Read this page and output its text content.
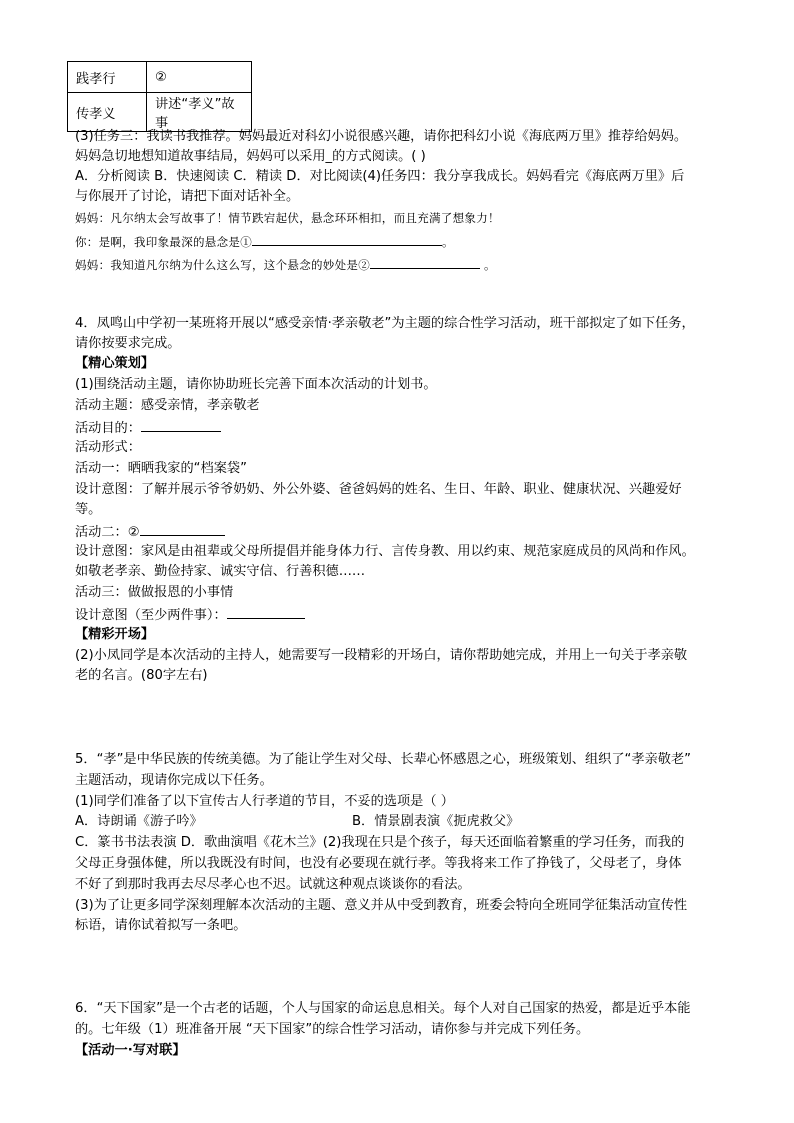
践孝行	②
传孝义	讲述“孝义”故事
(3)任务三：我读书我推荐。妈妈最近对科幻小说很感兴趣，请你把科幻小说《海底两万里》推荐给妈妈。
妈妈急切地想知道故事结局，妈妈可以采用_的方式阅读。( )
A．分析阅读 B．快速阅读 C．精读 D．对比阅读(4)任务四：我分享我成长。妈妈看完《海底两万里》后
与你展开了讨论，请把下面对话补全。
妈妈：凡尔纳太会写故事了！情节跌宕起伏，悬念环环相扣，而且充满了想象力！
你：是啊，我印象最深的悬念是①	。
妈妈：我知道凡尔纳为什么这么写，这个悬念的妙处是②	。
4．凤鸣山中学初一某班将开展以“感受亲情·孝亲敬老”为主题的综合性学习活动，班干部拟定了如下任务，
请你按要求完成。
【精心策划】
(1)围绕活动主题，请你协助班长完善下面本次活动的计划书。
活动主题：感受亲情，孝亲敬老
活动目的：
活动形式：
活动一：晒晒我家的“档案袋”
设计意图：了解并展示爷爷奶奶、外公外婆、爸爸妈妈的姓名、生日、年龄、职业、健康状况、兴趣爱好
等。
活动二：②
设计意图：家风是由祖辈或父母所提倡并能身体力行、言传身教、用以约束、规范家庭成员的风尚和作风。
如敬老孝亲、勤俭持家、诚实守信、行善积德……
活动三：做做报恩的小事情
设计意图（至少两件事）：
【精彩开场】
(2)小凤同学是本次活动的主持人，她需要写一段精彩的开场白，请你帮助她完成，并用上一句关于孝亲敬
老的名言。(80字左右)
5．“孝”是中华民族的传统美德。为了能让学生对父母、长辈心怀感恩之心，班级策划、组织了“孝亲敬老”
主题活动，现请你完成以下任务。
(1)同学们准备了以下宣传古人行孝道的节目，不妥的选项是（ ）
A．诗朗诵《游子吟》	B．情景剧表演《扼虎救父》
C．篆书书法表演 D．歌曲演唱《花木兰》(2)我现在只是个孩子，每天还面临着繁重的学习任务，而我的
父母正身强体健，所以我既没有时间，也没有必要现在就行孝。等我将来工作了挣钱了，父母老了，身体
不好了到那时我再去尽尽孝心也不迟。试就这种观点谈谈你的看法。
(3)为了让更多同学深刻理解本次活动的主题、意义并从中受到教育，班委会特向全班同学征集活动宣传性
标语，请你试着拟写一条吧。
6．“天下国家”是一个古老的话题，个人与国家的命运息息相关。每个人对自己国家的热爱，都是近乎本能
的。七年级（1）班准备开展 “天下国家”的综合性学习活动，请你参与并完成下列任务。
【活动一·写对联】
